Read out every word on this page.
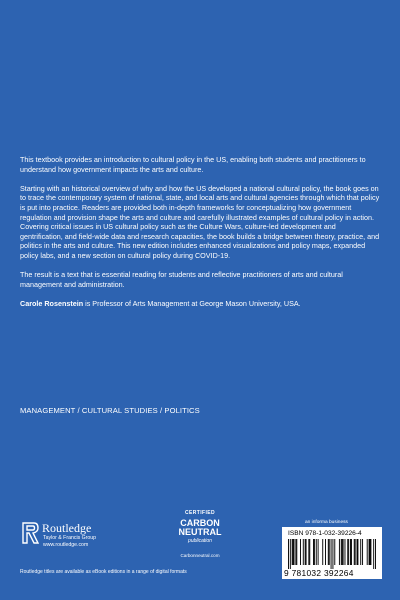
This textbook provides an introduction to cultural policy in the US, enabling both students and practitioners to understand how government impacts the arts and culture.

Starting with an historical overview of why and how the US developed a national cultural policy, the book goes on to trace the contemporary system of national, state, and local arts and cultural agencies through which that policy is put into practice. Readers are provided both in-depth frameworks for conceptualizing how government regulation and provision shape the arts and culture and carefully illustrated examples of cultural policy in action. Covering critical issues in US cultural policy such as the Culture Wars, culture-led development and gentrification, and field-wide data and research capacities, the book builds a bridge between theory, practice, and politics in the arts and culture. This new edition includes enhanced visualizations and policy maps, expanded policy labs, and a new section on cultural policy during COVID-19.

The result is a text that is essential reading for students and reflective practitioners of arts and cultural management and administration.

Carole Rosenstein is Professor of Arts Management at George Mason University, USA.

MANAGEMENT / CULTURAL STUDIES / POLITICS
Routledge
Taylor & Francis Group
www.routledge.com
Routledge titles are available as eBook editions in a range of digital formats
CERTIFIED
CARBON
NEUTRAL
publication
Carbonneutral.com
an informa business
ISBN 978-1-032-39226-4
9 781032 392264
